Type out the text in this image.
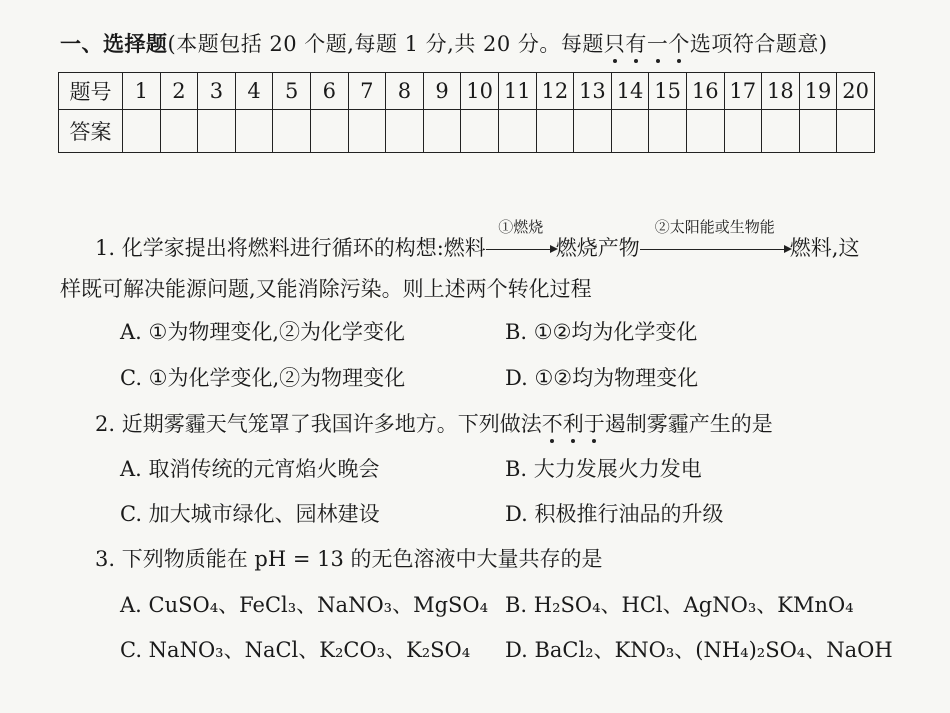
一、选择题(本题包括 20 个题,每题 1 分,共 20 分。每题只有一个选项符合题意)
题号	1	2	3	4	5	6	7	8	9	10	11	12	13	14	15	16	17	18	19	20
答案																				
1. 化学家提出将燃料进行循环的构想:燃料
①燃烧
燃烧产物
②太阳能或生物能
燃料,这
样既可解决能源问题,又能消除污染。则上述两个转化过程
A. ①为物理变化,②为化学变化	B. ①②均为化学变化
C. ①为化学变化,②为物理变化	D. ①②均为物理变化
2. 近期雾霾天气笼罩了我国许多地方。下列做法不利于遏制雾霾产生的是
A. 取消传统的元宵焰火晚会	B. 大力发展火力发电
C. 加大城市绿化、园林建设	D. 积极推行油品的升级
3. 下列物质能在 pH = 13 的无色溶液中大量共存的是
A. CuSO₄、FeCl₃、NaNO₃、MgSO₄ B. H₂SO₄、HCl、AgNO₃、KMnO₄
C. NaNO₃、NaCl、K₂CO₃、K₂SO₄ D. BaCl₂、KNO₃、(NH₄)₂SO₄、NaOH
